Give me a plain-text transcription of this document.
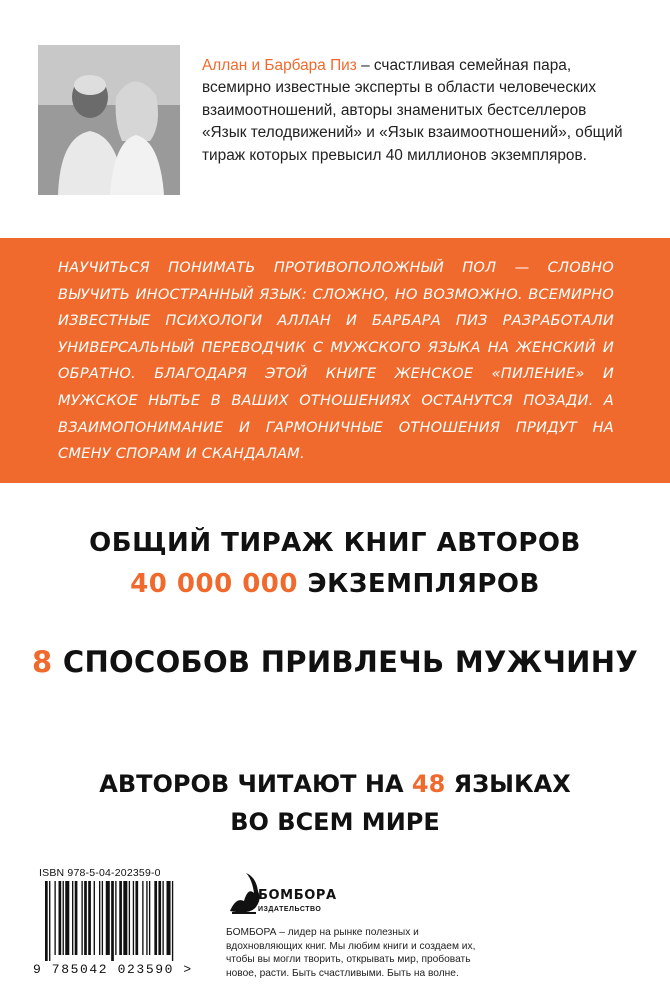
Аллан и Барбара Пиз – счастливая семейная пара, всемирно известные эксперты в области человеческих взаимоотношений, авторы знаменитых бестселлеров «Язык телодвижений» и «Язык взаимоотношений», общий тираж которых превысил 40 миллионов экземпляров.
НАУЧИТЬСЯ ПОНИМАТЬ ПРОТИВОПОЛОЖНЫЙ ПОЛ — СЛОВНО ВЫУЧИТЬ ИНОСТРАННЫЙ ЯЗЫК: СЛОЖНО, НО ВОЗМОЖНО. ВСЕМИРНО ИЗВЕСТНЫЕ ПСИХОЛОГИ АЛЛАН И БАРБАРА ПИЗ РАЗРАБОТАЛИ УНИВЕРСАЛЬНЫЙ ПЕРЕВОДЧИК С МУЖСКОГО ЯЗЫКА НА ЖЕНСКИЙ И ОБРАТНО. БЛАГОДАРЯ ЭТОЙ КНИГЕ ЖЕНСКОЕ «ПИЛЕНИЕ» И МУЖСКОЕ НЫТЬЕ В ВАШИХ ОТНОШЕНИЯХ ОСТАНУТСЯ ПОЗАДИ. А ВЗАИМОПОНИМАНИЕ И ГАРМОНИЧНЫЕ ОТНОШЕНИЯ ПРИДУТ НА СМЕНУ СПОРАМ И СКАНДАЛАМ.
ОБЩИЙ ТИРАЖ КНИГ АВТОРОВ
40 000 000 ЭКЗЕМПЛЯРОВ
8 СПОСОБОВ ПРИВЛЕЧЬ МУЖЧИНУ
АВТОРОВ ЧИТАЮТ НА 48 ЯЗЫКАХ
ВО ВСЕМ МИРЕ
ISBN 978-5-04-202359-0
9 785042 023590 >
БОМБОРА
ИЗДАТЕЛЬСТВО
БОМБОРА – лидер на рынке полезных и вдохновляющих книг. Мы любим книги и создаем их, чтобы вы могли творить, открывать мир, пробовать новое, расти. Быть счастливыми. Быть на волне.
